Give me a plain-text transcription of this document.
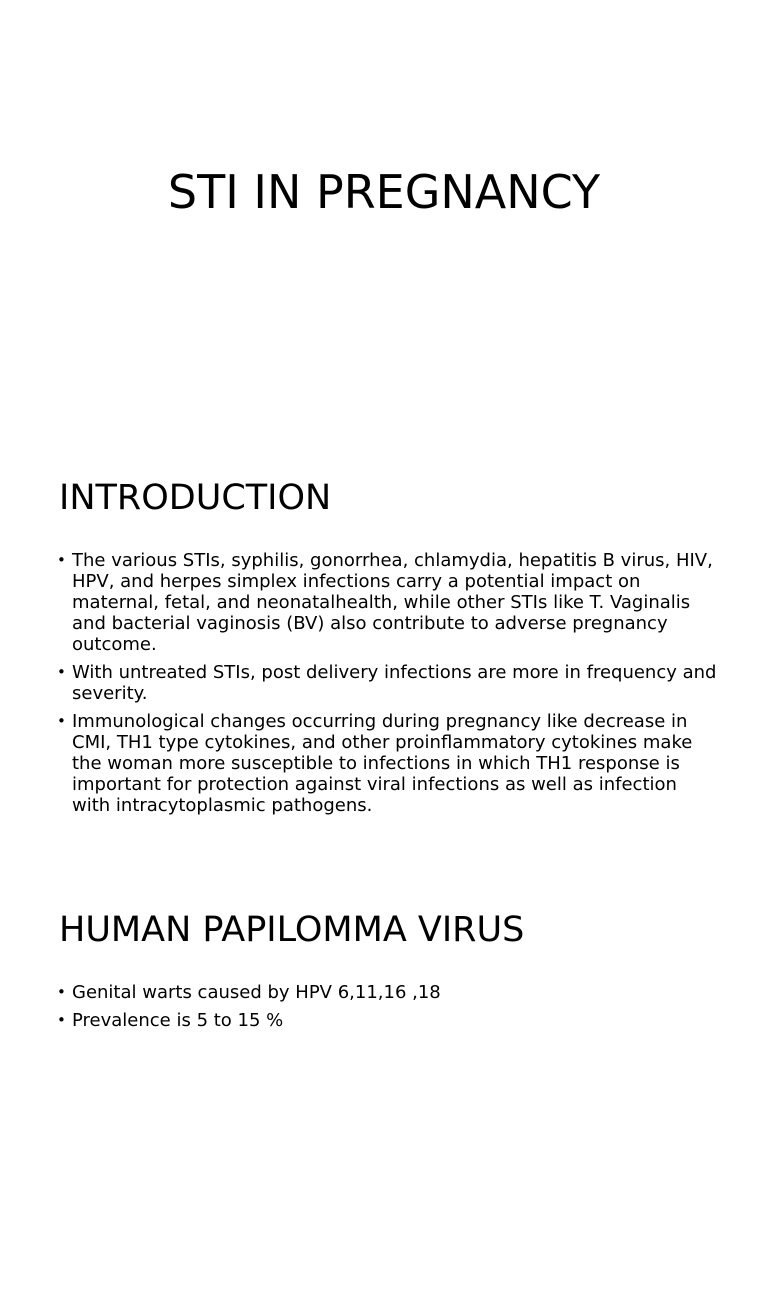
STI IN PREGNANCY
INTRODUCTION
• The various STIs, syphilis, gonorrhea, chlamydia, hepatitis B virus, HIV, HPV, and herpes simplex infections carry a potential impact on maternal, fetal, and neonatalhealth, while other STIs like T. Vaginalis and bacterial vaginosis (BV) also contribute to adverse pregnancy outcome.
• With untreated STIs, post delivery infections are more in frequency and severity.
• Immunological changes occurring during pregnancy like decrease in CMI, TH1 type cytokines, and other proinflammatory cytokines make the woman more susceptible to infections in which TH1 response is important for protection against viral infections as well as infection with intracytoplasmic pathogens.
HUMAN PAPILOMMA VIRUS
• Genital warts caused by HPV 6,11,16 ,18
• Prevalence is 5 to 15 %
